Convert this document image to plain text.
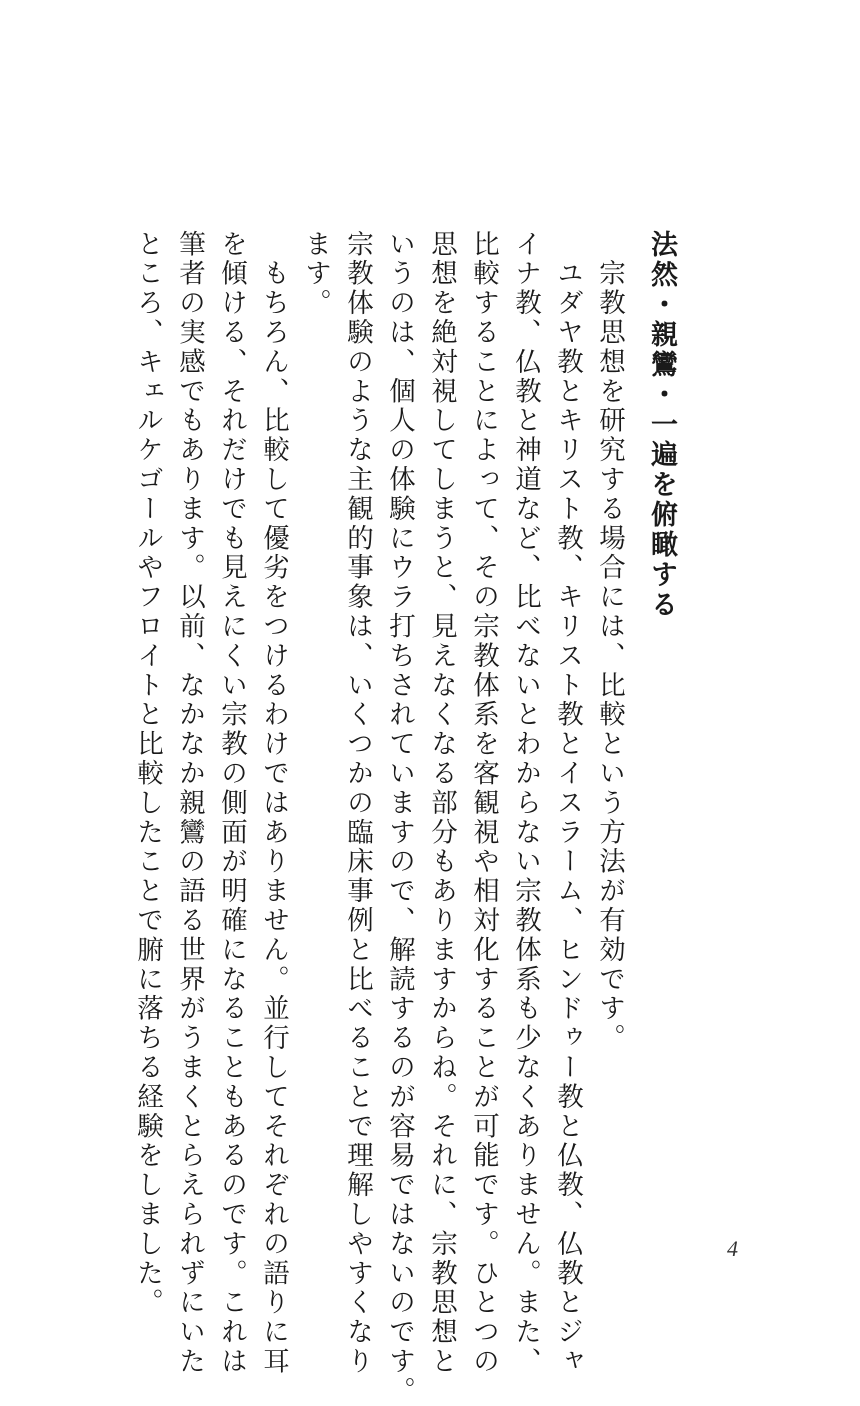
法然・親鸞・一遍を俯瞰する

　宗教思想を研究する場合には、比較という方法が有効です。

　ユダヤ教とキリスト教、キリスト教とイスラーム、ヒンドゥー教と仏教、仏教とジャ

イナ教、仏教と神道など、比べないとわからない宗教体系も少なくありません。また、

比較することによって、その宗教体系を客観視や相対化することが可能です。ひとつの

思想を絶対視してしまうと、見えなくなる部分もありますからね。それに、宗教思想と

いうのは、個人の体験にウラ打ちされていますので、解読するのが容易ではないのです。

宗教体験のような主観的事象は、いくつかの臨床事例と比べることで理解しやすくなり

ます。

　もちろん、比較して優劣をつけるわけではありません。並行してそれぞれの語りに耳

を傾ける、それだけでも見えにくい宗教の側面が明確になることもあるのです。これは

筆者の実感でもあります。以前、なかなか親鸞の語る世界がうまくとらえられずにいた

ところ、キェルケゴールやフロイトと比較したことで腑に落ちる経験をしました。	4
